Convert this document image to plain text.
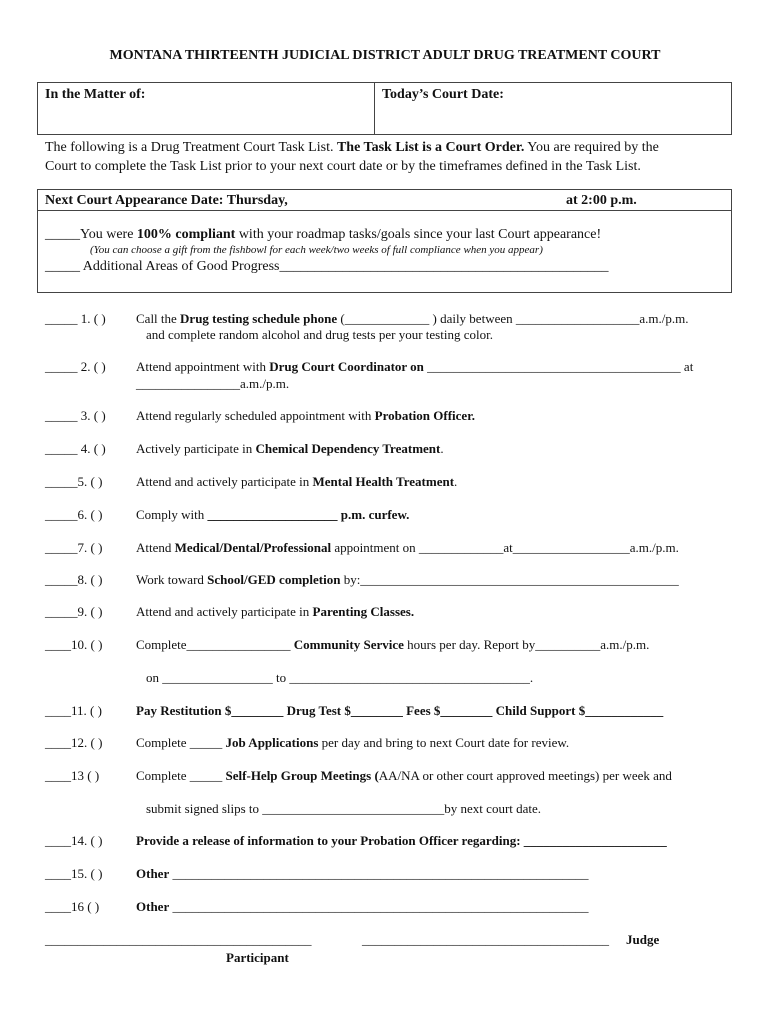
MONTANA THIRTEENTH JUDICIAL DISTRICT ADULT DRUG TREATMENT COURT
In the Matter of:	Today’s Court Date:
The following is a Drug Treatment Court Task List. The Task List is a Court Order. You are required by the
Court to complete the Task List prior to your next court date or by the timeframes defined in the Task List.
Next Court Appearance Date: Thursday,	at 2:00 p.m.
_____You were 100% compliant with your roadmap tasks/goals since your last Court appearance!
(You can choose a gift from the fishbowl for each week/two weeks of full compliance when you appear)
_____ Additional Areas of Good Progress_______________________________________________
_____ 1. ( ) Call the Drug testing schedule phone (_____________ ) daily between ___________________a.m./p.m.
and complete random alcohol and drug tests per your testing color.
_____ 2. ( ) Attend appointment with Drug Court Coordinator on _______________________________________ at
________________a.m./p.m.
_____ 3. ( ) Attend regularly scheduled appointment with Probation Officer.
_____ 4. ( ) Actively participate in Chemical Dependency Treatment.
_____5. ( )	Attend and actively participate in Mental Health Treatment.
_____6. ( )	Comply with ____________________ p.m. curfew.
_____7. ( )	Attend Medical/Dental/Professional appointment on _____________at__________________a.m./p.m.
_____8. ( )	Work toward School/GED completion by:_________________________________________________
_____9. ( )	Attend and actively participate in Parenting Classes.
____10. ( )	Complete________________ Community Service hours per day. Report by__________a.m./p.m.
on _________________ to _____________________________________.
____11. ( )	Pay Restitution $________ Drug Test $________ Fees $________ Child Support $____________
____12. ( )	Complete _____ Job Applications per day and bring to next Court date for review.
____13 ( )	Complete _____ Self-Help Group Meetings (AA/NA or other court approved meetings) per week and
submit signed slips to ____________________________by next court date.
____14. ( )	Provide a release of information to your Probation Officer regarding: ______________________
____15. ( )	Other ________________________________________________________________
____16 ( )	Other ________________________________________________________________
_________________________________________
Participant
______________________________________ Judge
